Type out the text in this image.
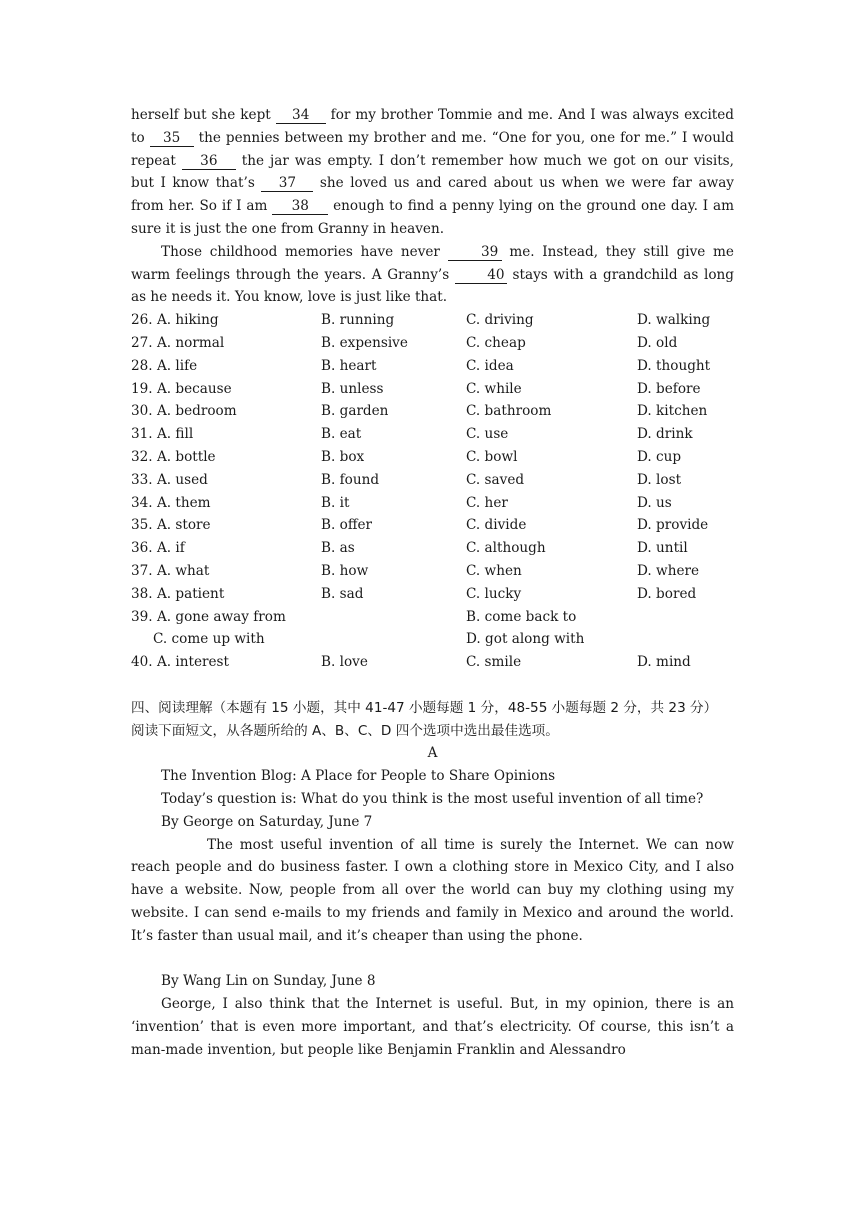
herself but she kept 34 for my brother Tommie and me. And I was always excited to 35 the pennies between my brother and me. “One for you, one for me.” I would repeat 36 the jar was empty. I don’t remember how much we got on our visits, but I know that’s 37 she loved us and cared about us when we were far away from her. So if I am 38 enough to find a penny lying on the ground one day. I am sure it is just the one from Granny in heaven.

Those childhood memories have never 39 me. Instead, they still give me warm feelings through the years. A Granny’s 40 stays with a grandchild as long as he needs it. You know, love is just like that.

26. A. hiking	B. running	C. driving	D. walking
27. A. normal	B. expensive	C. cheap	D. old
28. A. life	B. heart	C. idea	D. thought
19. A. because	B. unless	C. while	D. before
30. A. bedroom	B. garden	C. bathroom	D. kitchen
31. A. fill	B. eat	C. use	D. drink
32. A. bottle	B. box	C. bowl	D. cup
33. A. used	B. found	C. saved	D. lost
34. A. them	B. it	C. her	D. us
35. A. store	B. offer	C. divide	D. provide
36. A. if	B. as	C. although	D. until
37. A. what	B. how	C. when	D. where
38. A. patient	B. sad	C. lucky	D. bored
39. A. gone away from	B. come back to
C. come up with	D. got along with
40. A. interest	B. love	C. smile	D. mind

四、阅读理解（本题有 15 小题，其中 41-47 小题每题 1 分，48-55 小题每题 2 分，共 23 分）

阅读下面短文，从各题所给的 A、B、C、D 四个选项中选出最佳选项。

A

The Invention Blog: A Place for People to Share Opinions

Today’s question is: What do you think is the most useful invention of all time?

By George on Saturday, June 7

The most useful invention of all time is surely the Internet. We can now reach people and do business faster. I own a clothing store in Mexico City, and I also have a website. Now, people from all over the world can buy my clothing using my website. I can send e-mails to my friends and family in Mexico and around the world. It’s faster than usual mail, and it’s cheaper than using the phone.

By Wang Lin on Sunday, June 8

George, I also think that the Internet is useful. But, in my opinion, there is an ‘invention’ that is even more important, and that’s electricity. Of course, this isn’t a man-made invention, but people like Benjamin Franklin and Alessandro
